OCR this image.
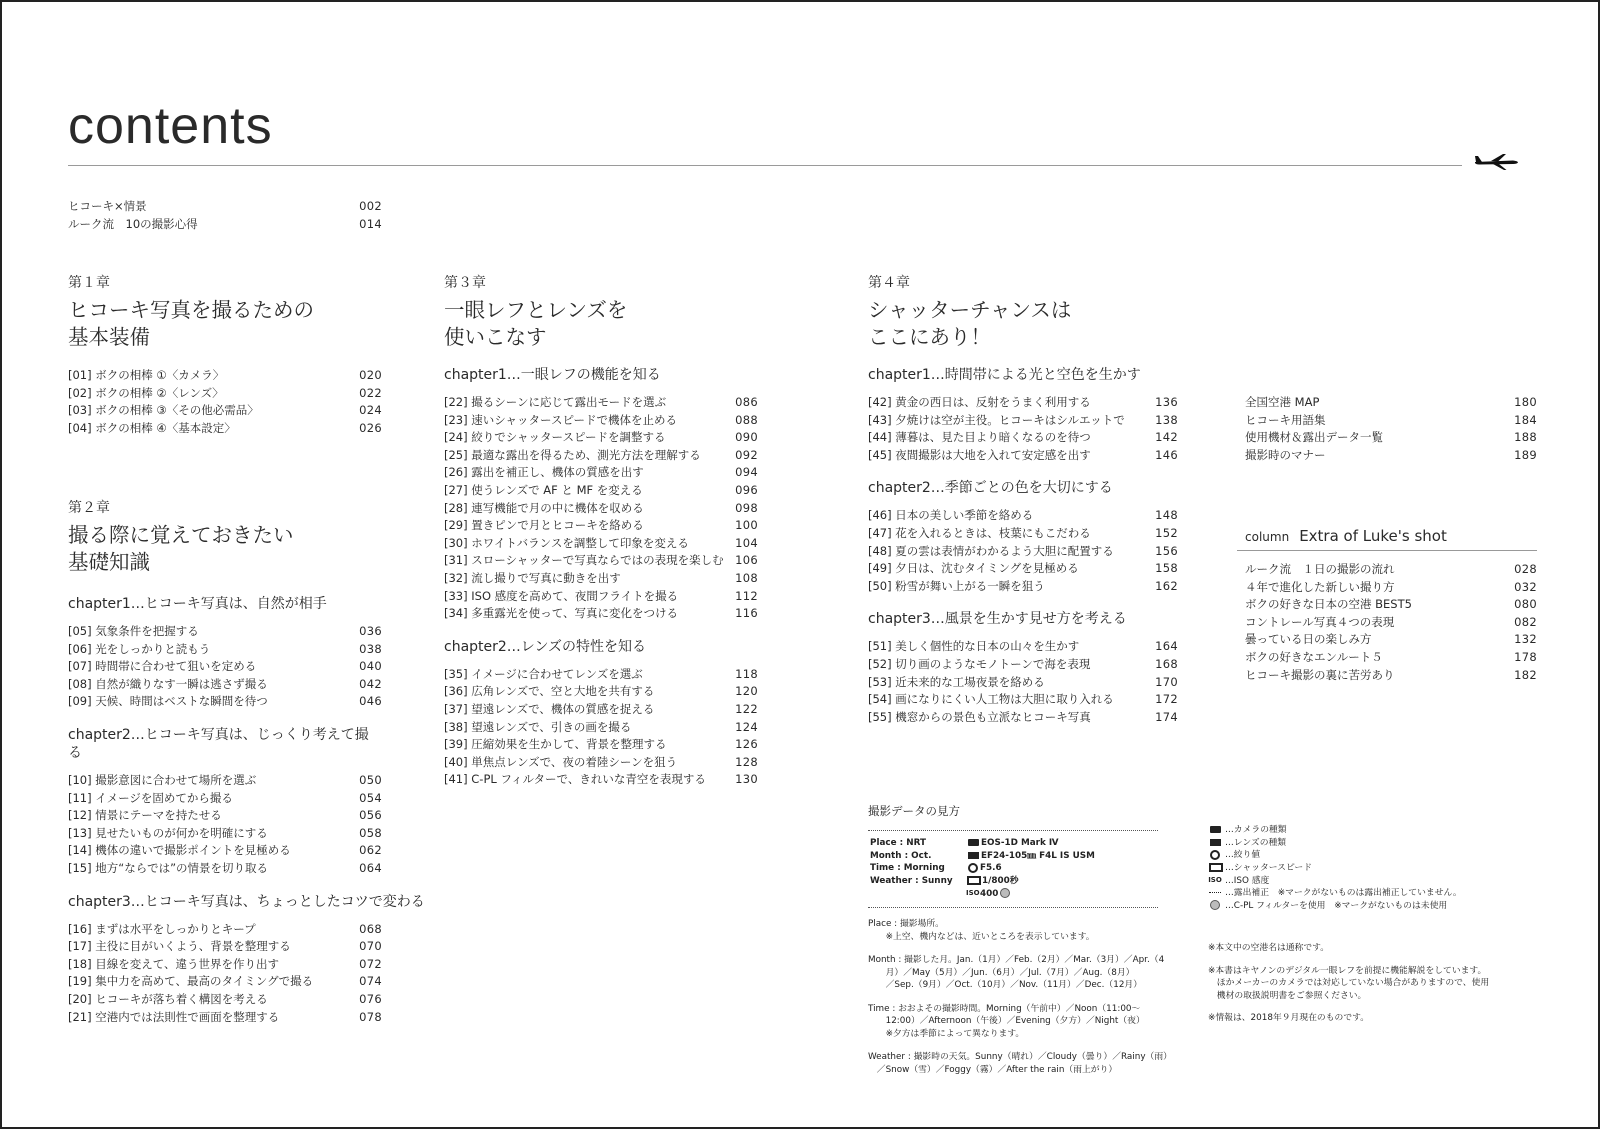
contents
ヒコーキ×情景	002
ルーク流　10の撮影心得	014
第１章
ヒコーキ写真を撮るための
基本装備
[01] ボクの相棒 ①〈カメラ〉	020
[02] ボクの相棒 ②〈レンズ〉	022
[03] ボクの相棒 ③〈その他必需品〉	024
[04] ボクの相棒 ④〈基本設定〉	026
第２章
撮る際に覚えておきたい
基礎知識
chapter1…ヒコーキ写真は、自然が相手
[05] 気象条件を把握する	036
[06] 光をしっかりと読もう	038
[07] 時間帯に合わせて狙いを定める	040
[08] 自然が織りなす一瞬は逃さず撮る	042
[09] 天候、時間はベストな瞬間を待つ	046
chapter2…ヒコーキ写真は、じっくり考えて撮る
[10] 撮影意図に合わせて場所を選ぶ	050
[11] イメージを固めてから撮る	054
[12] 情景にテーマを持たせる	056
[13] 見せたいものが何かを明確にする	058
[14] 機体の違いで撮影ポイントを見極める	062
[15] 地方“ならでは”の情景を切り取る	064
chapter3…ヒコーキ写真は、ちょっとしたコツで変わる
[16] まずは水平をしっかりとキープ	068
[17] 主役に目がいくよう、背景を整理する	070
[18] 目線を変えて、違う世界を作り出す	072
[19] 集中力を高めて、最高のタイミングで撮る	074
[20] ヒコーキが落ち着く構図を考える	076
[21] 空港内では法則性で画面を整理する	078
第３章
一眼レフとレンズを
使いこなす
chapter1…一眼レフの機能を知る
[22] 撮るシーンに応じて露出モードを選ぶ	086
[23] 速いシャッタースピードで機体を止める	088
[24] 絞りでシャッタースピードを調整する	090
[25] 最適な露出を得るため、測光方法を理解する	092
[26] 露出を補正し、機体の質感を出す	094
[27] 使うレンズで AF と MF を変える	096
[28] 連写機能で月の中に機体を収める	098
[29] 置きピンで月とヒコーキを絡める	100
[30] ホワイトバランスを調整して印象を変える	104
[31] スローシャッターで写真ならではの表現を楽しむ 106
[32] 流し撮りで写真に動きを出す	108
[33] ISO 感度を高めて、夜間フライトを撮る	112
[34] 多重露光を使って、写真に変化をつける	116
chapter2…レンズの特性を知る
[35] イメージに合わせてレンズを選ぶ	118
[36] 広角レンズで、空と大地を共有する	120
[37] 望遠レンズで、機体の質感を捉える	122
[38] 望遠レンズで、引きの画を撮る	124
[39] 圧縮効果を生かして、背景を整理する	126
[40] 単焦点レンズで、夜の着陸シーンを狙う	128
[41] C-PL フィルターで、きれいな青空を表現する	130
第４章
シャッターチャンスは
ここにあり！
chapter1…時間帯による光と空色を生かす
[42] 黄金の西日は、反射をうまく利用する	136
[43] 夕焼けは空が主役。ヒコーキはシルエットで	138
[44] 薄暮は、見た目より暗くなるのを待つ	142
[45] 夜間撮影は大地を入れて安定感を出す	146
chapter2…季節ごとの色を大切にする
[46] 日本の美しい季節を絡める	148
[47] 花を入れるときは、枝葉にもこだわる	152
[48] 夏の雲は表情がわかるよう大胆に配置する	156
[49] 夕日は、沈むタイミングを見極める	158
[50] 粉雪が舞い上がる一瞬を狙う	162
chapter3…風景を生かす見せ方を考える
[51] 美しく個性的な日本の山々を生かす	164
[52] 切り画のようなモノトーンで海を表現	168
[53] 近未来的な工場夜景を絡める	170
[54] 画になりにくい人工物は大胆に取り入れる	172
[55] 機窓からの景色も立派なヒコーキ写真	174
全国空港 MAP	180
ヒコーキ用語集	184
使用機材＆露出データ一覧	188
撮影時のマナー	189
column Extra of Luke's shot
ルーク流　１日の撮影の流れ	028
４年で進化した新しい撮り方	032
ボクの好きな日本の空港 BEST5	080
コントレール写真４つの表現	082
曇っている日の楽しみ方	132
ボクの好きなエンルート５	178
ヒコーキ撮影の裏に苦労あり	182
撮影データの見方
Place : NRT
Month : Oct.
Time : Morning
Weather : Sunny
EOS-1D Mark Ⅳ
EF24-105㎜ F4L IS USM
F5.6
1/800秒
ISO400
Place : 撮影場所。
　　※上空、機内などは、近いところを表示しています。
Month : 撮影した月。Jan.（1月）／Feb.（2月）／Mar.（3月）／Apr.（4
　　月）／May（5月）／Jun.（6月）／Jul.（7月）／Aug.（8月）
　　／Sep.（9月）／Oct.（10月）／Nov.（11月）／Dec.（12月）
Time : おおよその撮影時間。Morning（午前中）／Noon（11:00〜
　　12:00）／Afternoon（午後）／Evening（夕方）／Night（夜）
　　※夕方は季節によって異なります。
Weather : 撮影時の天気。Sunny（晴れ）／Cloudy（曇り）／Rainy（雨）
　／Snow（雪）／Foggy（霧）／After the rain（雨上がり）
…カメラの種類
…レンズの種類
…絞り値
…シャッタースピード
ISO …ISO 感度
…露出補正　※マークがないものは露出補正していません。
…C-PL フィルターを使用　※マークがないものは未使用
※本文中の空港名は通称です。
※本書はキヤノンのデジタル一眼レフを前提に機能解説をしています。
　ほかメーカーのカメラでは対応していない場合がありますので、使用
　機材の取扱説明書をご参照ください。
※情報は、2018年９月現在のものです。
